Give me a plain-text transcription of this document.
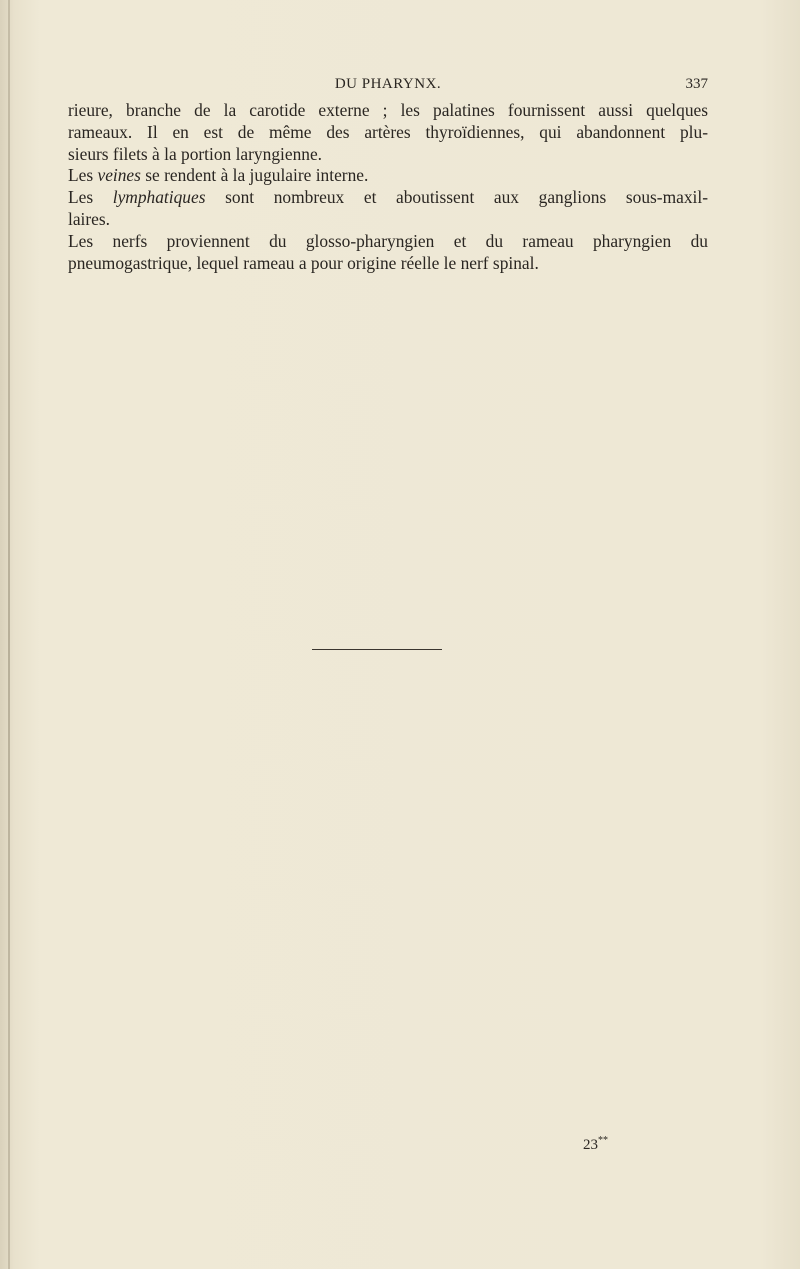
DU PHARYNX.	337
rieure, branche de la carotide externe ; les palatines fournissent aussi quelques
rameaux. Il en est de même des artères thyroïdiennes, qui abandonnent plu-
sieurs filets à la portion laryngienne.
Les veines se rendent à la jugulaire interne.
Les lymphatiques sont nombreux et aboutissent aux ganglions sous-maxil-
laires.
Les nerfs proviennent du glosso-pharyngien et du rameau pharyngien du
pneumogastrique, lequel rameau a pour origine réelle le nerf spinal.
23**
